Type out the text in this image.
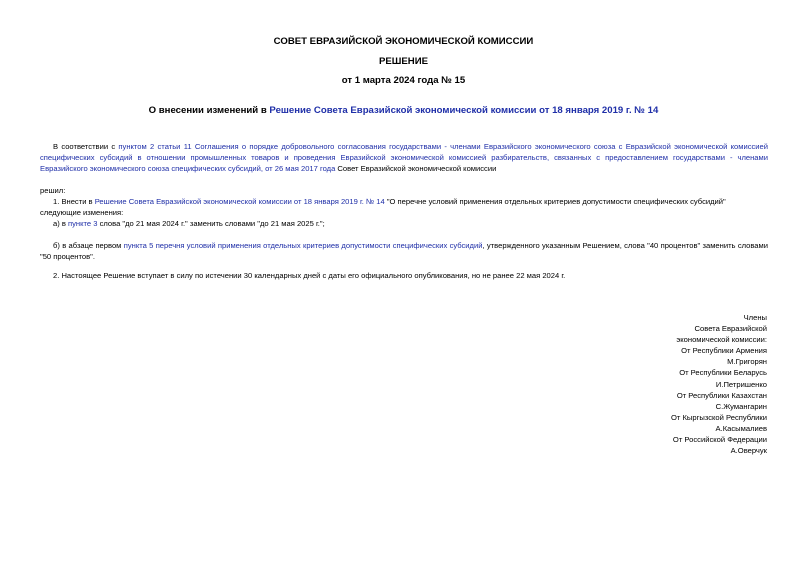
СОВЕТ ЕВРАЗИЙСКОЙ ЭКОНОМИЧЕСКОЙ КОМИССИИ
РЕШЕНИЕ
от 1 марта 2024 года № 15
О внесении изменений в Решение Совета Евразийской экономической комиссии от 18 января 2019 г. № 14
В соответствии с пунктом 2 статьи 11 Соглашения о порядке добровольного согласования государствами - членами Евразийского экономического союза с Евразийской экономической комиссией специфических субсидий в отношении промышленных товаров и проведения Евразийской экономической комиссией разбирательств, связанных с предоставлением государствами - членами Евразийского экономического союза специфических субсидий, от 26 мая 2017 года Совет Евразийской экономической комиссии
решил:
1. Внести в Решение Совета Евразийской экономической комиссии от 18 января 2019 г. № 14 "О перечне условий применения отдельных критериев допустимости специфических субсидий" следующие изменения:
а) в пункте 3 слова "до 21 мая 2024 г." заменить словами "до 21 мая 2025 г.";
б) в абзаце первом пункта 5 перечня условий применения отдельных критериев допустимости специфических субсидий, утвержденного указанным Решением, слова "40 процентов" заменить словами "50 процентов".
2. Настоящее Решение вступает в силу по истечении 30 календарных дней с даты его официального опубликования, но не ранее 22 мая 2024 г.
Члены
Совета Евразийской
экономической комиссии:
От Республики Армения
М.Григорян
От Республики Беларусь
И.Петришенко
От Республики Казахстан
С.Жумангарин
От Кыргызской Республики
А.Касымалиев
От Российской Федерации
А.Оверчук
